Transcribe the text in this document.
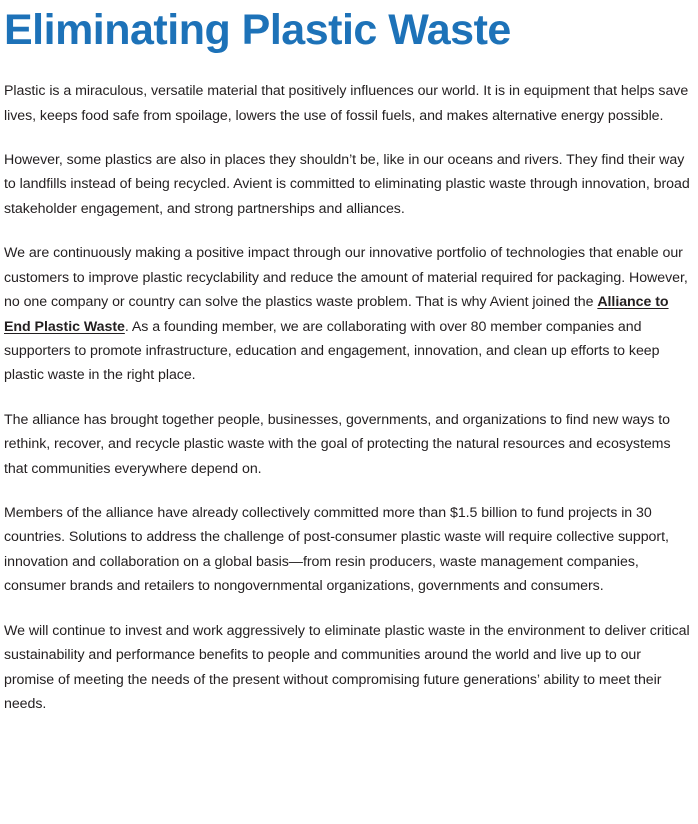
Eliminating Plastic Waste

Plastic is a miraculous, versatile material that positively influences our world. It is in equipment that helps save lives, keeps food safe from spoilage, lowers the use of fossil fuels, and makes alternative energy possible.

However, some plastics are also in places they shouldn’t be, like in our oceans and rivers. They find their way to landfills instead of being recycled. Avient is committed to eliminating plastic waste through innovation, broad stakeholder engagement, and strong partnerships and alliances.

We are continuously making a positive impact through our innovative portfolio of technologies that enable our customers to improve plastic recyclability and reduce the amount of material required for packaging. However, no one company or country can solve the plastics waste problem. That is why Avient joined the Alliance to End Plastic Waste. As a founding member, we are collaborating with over 80 member companies and supporters to promote infrastructure, education and engagement, innovation, and clean up efforts to keep plastic waste in the right place.

The alliance has brought together people, businesses, governments, and organizations to find new ways to rethink, recover, and recycle plastic waste with the goal of protecting the natural resources and ecosystems that communities everywhere depend on.

Members of the alliance have already collectively committed more than $1.5 billion to fund projects in 30 countries. Solutions to address the challenge of post-consumer plastic waste will require collective support, innovation and collaboration on a global basis—from resin producers, waste management companies, consumer brands and retailers to nongovernmental organizations, governments and consumers.

We will continue to invest and work aggressively to eliminate plastic waste in the environment to deliver critical sustainability and performance benefits to people and communities around the world and live up to our promise of meeting the needs of the present without compromising future generations’ ability to meet their needs.
